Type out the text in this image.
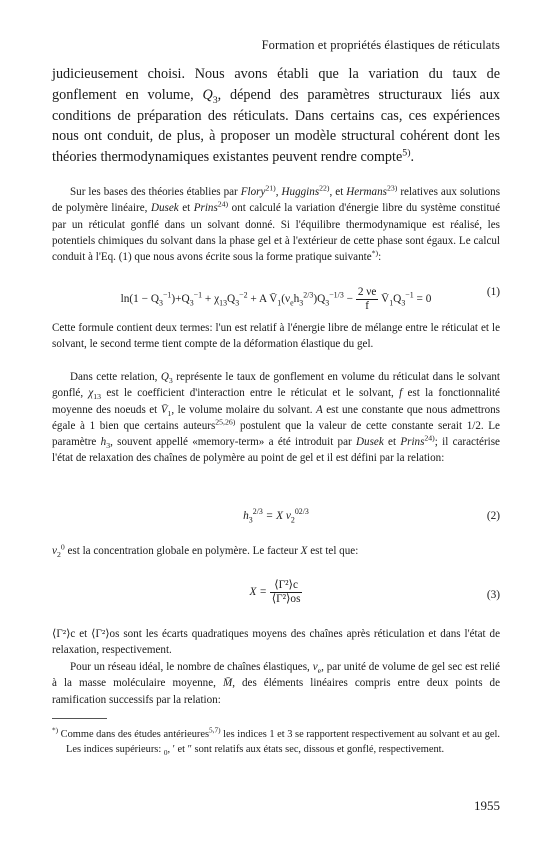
Formation et propriétés élastiques de réticulats

judicieusement choisi. Nous avons établi que la variation du taux de gonflement en volume, $Q_3$, dépend des paramètres structuraux liés aux conditions de préparation des réticulats. Dans certains cas, ces expériences nous ont conduit, de plus, à proposer un modèle structural cohérent dont les théories thermodynamiques existantes peuvent rendre compte$^{5)}$.

Sur les bases des théories établies par Flory$^{21)}$, Huggins$^{22)}$, et Hermans$^{23)}$ relatives aux solutions de polymère linéaire, Dusek et Prins$^{24)}$ ont calculé la variation d'énergie libre du système constitué par un réticulat gonflé dans un solvant donné. Si l'équilibre thermodynamique est réalisé, les potentiels chimiques du solvant dans la phase gel et à l'extérieur de cette phase sont égaux. Le calcul conduit à l'Eq. (1) que nous avons écrite sous la forme pratique suivante*):

$\ln(1 - Q_3^{-1})+Q_3^{-1} + \chi_{13}Q_3^{-2} + A$ $V̄_1(\nu_eh_3^{2/3})Q_3^{-1/3} - \frac{2 \nu e}{f}$ $V̄_1Q_3^{-1} = 0$
(1)

Cette formule contient deux termes: l'un est relatif à l'énergie libre de mélange entre le réticulat et le solvant, le second terme tient compte de la déformation élastique du gel.

Dans cette relation, $Q_3$ représente le taux de gonflement en volume du réticulat dans le solvant gonflé, $\chi_{13}$ est le coefficient d'interaction entre le réticulat et le solvant, f est la fonctionnalité moyenne des noeuds et $V̄_1$, le volume molaire du solvant. A est une constante que nous admettrons égale à 1 bien que certains auteurs$^{25,26)}$ postulent que la valeur de cette constante serait 1/2. Le paramètre $h_3$, souvent appellé «memory-term» a été introduit par Dusek et Prins$^{24)}$; il caractérise l'état de relaxation des chaînes de polymère au point de gel et il est défini par la relation:

$h_3^{2/3} = X$ $v_2^{02/3}$	(2)

$v_2^0$ est la concentration globale en polymère. Le facteur X est tel que:

$X = \frac{\text{⟨Γ²⟩c}}{\text{⟨Γ²⟩os}}$	(3)

⟨Γ²⟩c et ⟨Γ²⟩os sont les écarts quadratiques moyens des chaînes après réticulation et dans l'état de relaxation, respectivement.

Pour un réseau idéal, le nombre de chaînes élastiques, $\nu_e$, par unité de volume de gel sec est relié à la masse moléculaire moyenne, M̄, des éléments linéaires compris entre deux points de ramification successifs par la relation:

*) Comme dans des études antérieures$^{5,7)}$ les indices 1 et 3 se rapportent respectivement au solvant et au gel. Les indices supérieurs: $_0$, ′ et ″ sont relatifs aux états sec, dissous et gonflé, respectivement.

1955
